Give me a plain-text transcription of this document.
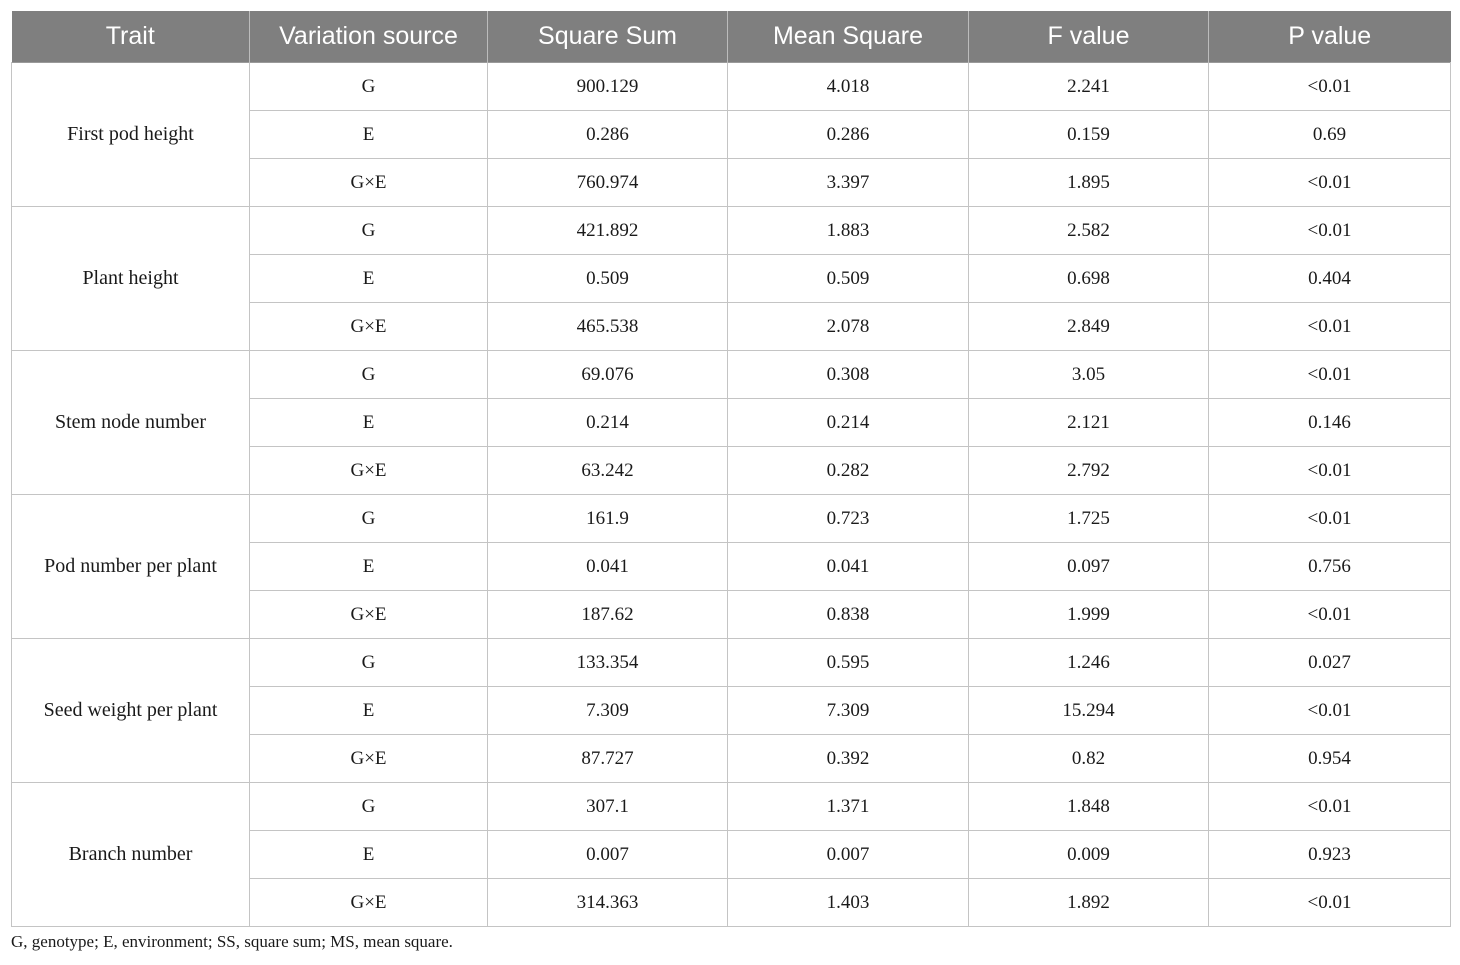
Trait	Variation source	Square Sum	Mean Square	F value	P value
First pod height	G	900.129	4.018	2.241	<0.01
	E	0.286	0.286	0.159	0.69
	G×E	760.974	3.397	1.895	<0.01
Plant height	G	421.892	1.883	2.582	<0.01
	E	0.509	0.509	0.698	0.404
	G×E	465.538	2.078	2.849	<0.01
Stem node number	G	69.076	0.308	3.05	<0.01
	E	0.214	0.214	2.121	0.146
	G×E	63.242	0.282	2.792	<0.01
Pod number per plant	G	161.9	0.723	1.725	<0.01
	E	0.041	0.041	0.097	0.756
	G×E	187.62	0.838	1.999	<0.01
Seed weight per plant	G	133.354	0.595	1.246	0.027
	E	7.309	7.309	15.294	<0.01
	G×E	87.727	0.392	0.82	0.954
Branch number	G	307.1	1.371	1.848	<0.01
	E	0.007	0.007	0.009	0.923
	G×E	314.363	1.403	1.892	<0.01
G, genotype; E, environment; SS, square sum; MS, mean square.
